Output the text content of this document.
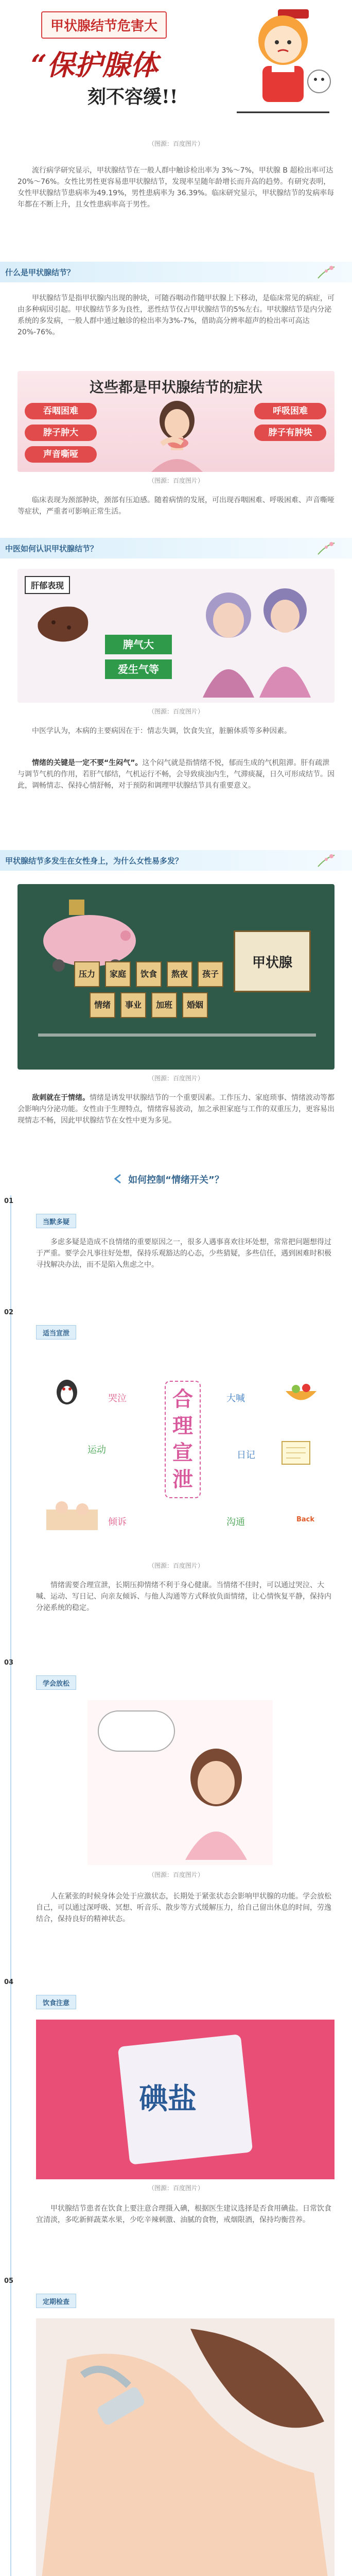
甲状腺结节危害大
“保护腺体
刻不容缓!!
（图源：百度图片）
流行病学研究显示，甲状腺结节在一般人群中触诊检出率为 3%～7%，甲状腺 B 超检出率可达 20%～76%。女性比男性更容易患甲状腺结节，发现率呈随年龄增长而升高的趋势。有研究表明，女性甲状腺结节患病率为49.19%，男性患病率为 36.39%。临床研究显示，甲状腺结节的发病率每年都在不断上升，且女性患病率高于男性。
什么是甲状腺结节？
甲状腺结节是指甲状腺内出现的肿块，可随吞咽动作随甲状腺上下移动，是临床常见的病症，可由多种病因引起。甲状腺结节多为良性，恶性结节仅占甲状腺结节的5%左右。甲状腺结节是内分泌系统的多发病，一般人群中通过触诊的检出率为3%-7%，借助高分辨率超声的检出率可高达20%-76%。
这些都是甲状腺结节的症状
吞咽困难
脖子肿大
声音嘶哑
呼吸困难
脖子有肿块
（图源：百度图片）
临床表现为颈部肿块，颈部有压迫感。随着病情的发展，可出现吞咽困难、呼吸困难、声音嘶哑等症状，严重者可影响正常生活。
中医如何认识甲状腺结节？
肝郁表现
脾气大
爱生气等
（图源：百度图片）
中医学认为，本病的主要病因在于：情志失调，饮食失宜，脏腑体质等多种因素。
情绪的关键是一定不要“生闷气”。这个闷气就是指情绪不悦，郁而生成的气机阻滞。肝有疏泄与调节气机的作用，若肝气郁结，气机运行不畅，会导致痰浊内生，气滞痰凝，日久可形成结节。因此，调畅情志、保持心情舒畅，对于预防和调理甲状腺结节具有重要意义。
甲状腺结节多发生在女性身上，为什么女性易多发？
甲状腺
压力	家庭
情绪	事业	加班	婚姻
饮食	熬夜	孩子
（图源：百度图片）
敌刺就在于情绪。情绪是诱发甲状腺结节的一个重要因素。工作压力、家庭琐事、情绪波动等都会影响内分泌功能。女性由于生理特点，情绪容易波动，加之承担家庭与工作的双重压力，更容易出现情志不畅，因此甲状腺结节在女性中更为多见。
如何控制“情绪开关”？
01
当默多疑
多虑多疑是造成不良情绪的重要原因之一，很多人遇事喜欢往坏处想，常常把问题想得过于严重。要学会凡事往好处想，保持乐观豁达的心态，少些猜疑，多些信任，遇到困难时积极寻找解决办法，而不是陷入焦虑之中。
02
适当宣泄
合理宣泄
哭泣	大喊
运动	日记
倾诉	沟通	Back
（图源：百度图片）
情绪需要合理宣泄，长期压抑情绪不利于身心健康。当情绪不佳时，可以通过哭泣、大喊、运动、写日记、向亲友倾诉、与他人沟通等方式释放负面情绪，让心情恢复平静，保持内分泌系统的稳定。
03
学会放松
（图源：百度图片）
人在紧张的时候身体会处于应激状态，长期处于紧张状态会影响甲状腺的功能。学会放松自己，可以通过深呼吸、冥想、听音乐、散步等方式缓解压力，给自己留出休息的时间，劳逸结合，保持良好的精神状态。
04
饮食注意
碘盐
（图源：百度图片）
甲状腺结节患者在饮食上要注意合理摄入碘，根据医生建议选择是否食用碘盐。日常饮食宜清淡，多吃新鲜蔬菜水果，少吃辛辣刺激、油腻的食物，戒烟限酒，保持均衡营养。
05
定期检查
